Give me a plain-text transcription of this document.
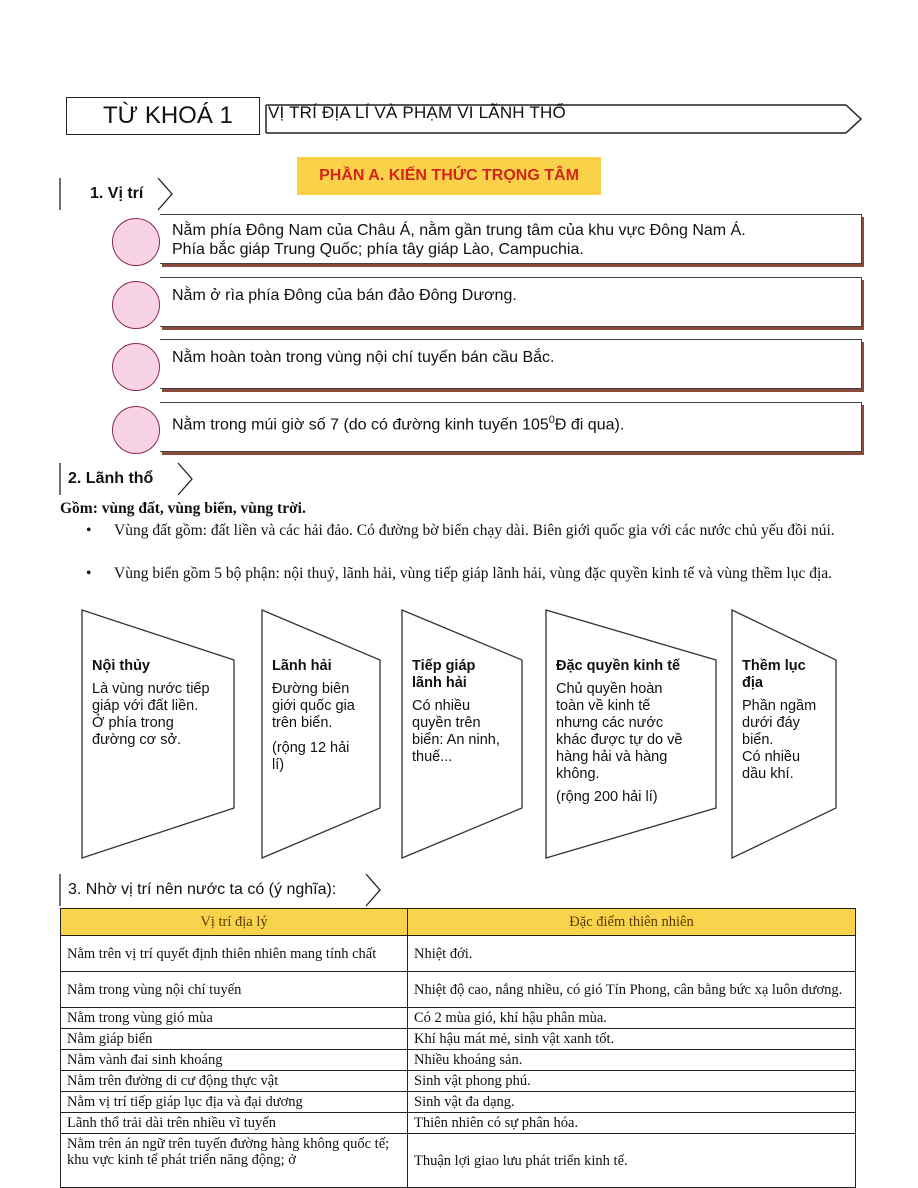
TỪ KHOÁ 1 VỊ TRÍ ĐỊA LÍ VÀ PHẠM VI LÃNH THỔ
PHẦN A. KIẾN THỨC TRỌNG TÂM
1. Vị trí
Nằm phía Đông Nam của Châu Á, nằm gần trung tâm của khu vực Đông Nam Á.
Phía bắc giáp Trung Quốc; phía tây giáp Lào, Campuchia.
Nằm ở rìa phía Đông của bán đảo Đông Dương.
Nằm hoàn toàn trong vùng nội chí tuyến bán cầu Bắc.
Nằm trong múi giờ số 7 (do có đường kinh tuyến $105^0Đ$ đi qua).
2. Lãnh thổ
Gồm: vùng đất, vùng biển, vùng trời.
• Vùng đất gồm: đất liền và các hải đảo. Có đường bờ biển chạy dài. Biên giới quốc gia với các nước chủ yếu đồi núi.
• Vùng biển gồm 5 bộ phận: nội thuỷ, lãnh hải, vùng tiếp giáp lãnh hải, vùng đặc quyền kinh tế và vùng thềm lục địa.
Nội thủy
Là vùng nước tiếp
giáp với đất liền.
Ở phía trong
đường cơ sở.
Lãnh hải
Đường biên
giới quốc gia
trên biển.
(rộng 12 hải
lí)
Tiếp giáp lãnh hải
Có nhiều
quyền trên
biển: An ninh,
thuế...
Đặc quyền kinh tế
Chủ quyền hoàn
toàn về kinh tế
nhưng các nước
khác được tự do về
hàng hải và hàng
không.
(rộng 200 hải lí)
Thềm lục địa
Phần ngầm
dưới đáy
biển.
Có nhiều
dầu khí.
3. Nhờ vị trí nên nước ta có (ý nghĩa):
Vị trí địa lý	Đặc điểm thiên nhiên
Nằm trên vị trí quyết định thiên nhiên mang tính chất	Nhiệt đới.
Nằm trong vùng nội chí tuyến	Nhiệt độ cao, nắng nhiều, có gió Tín Phong, cân bằng bức xạ luôn dương.
Nằm trong vùng gió mùa	Có 2 mùa gió, khí hậu phân mùa.
Nằm giáp biển	Khí hậu mát mẻ, sinh vật xanh tốt.
Nằm vành đai sinh khoáng	Nhiều khoáng sản.
Nằm trên đường di cư động thực vật	Sinh vật phong phú.
Nằm vị trí tiếp giáp lục địa và đại dương	Sinh vật đa dạng.
Lãnh thổ trải dài trên nhiều vĩ tuyến	Thiên nhiên có sự phân hóa.
Nằm trên án ngữ trên tuyến đường hàng không quốc tế; khu vực kinh tế phát triển năng động; ở	Thuận lợi giao lưu phát triển kinh tế.
